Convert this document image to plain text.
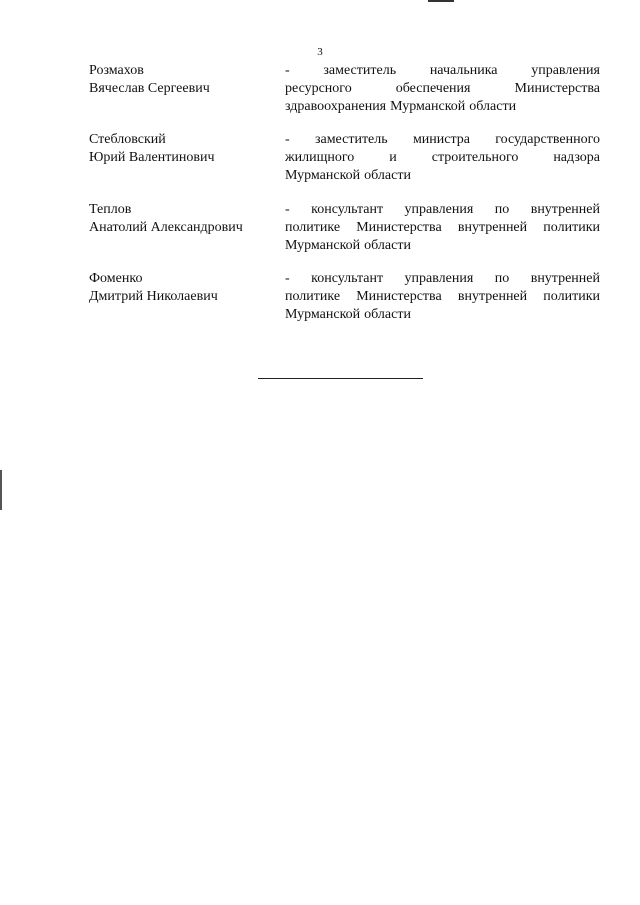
3
Розмахов
Вячеслав Сергеевич
- заместитель начальника управления
ресурсного	обеспечения	Министерства
здравоохранения Мурманской области
Стебловский
Юрий Валентинович
- заместитель министра государственного
жилищного и строительного надзора
Мурманской области
Теплов
Анатолий Александрович
- консультант управления по внутренней
политике Министерства внутренней политики
Мурманской области
Фоменко
Дмитрий Николаевич
- консультант управления по внутренней
политике Министерства внутренней политики
Мурманской области
